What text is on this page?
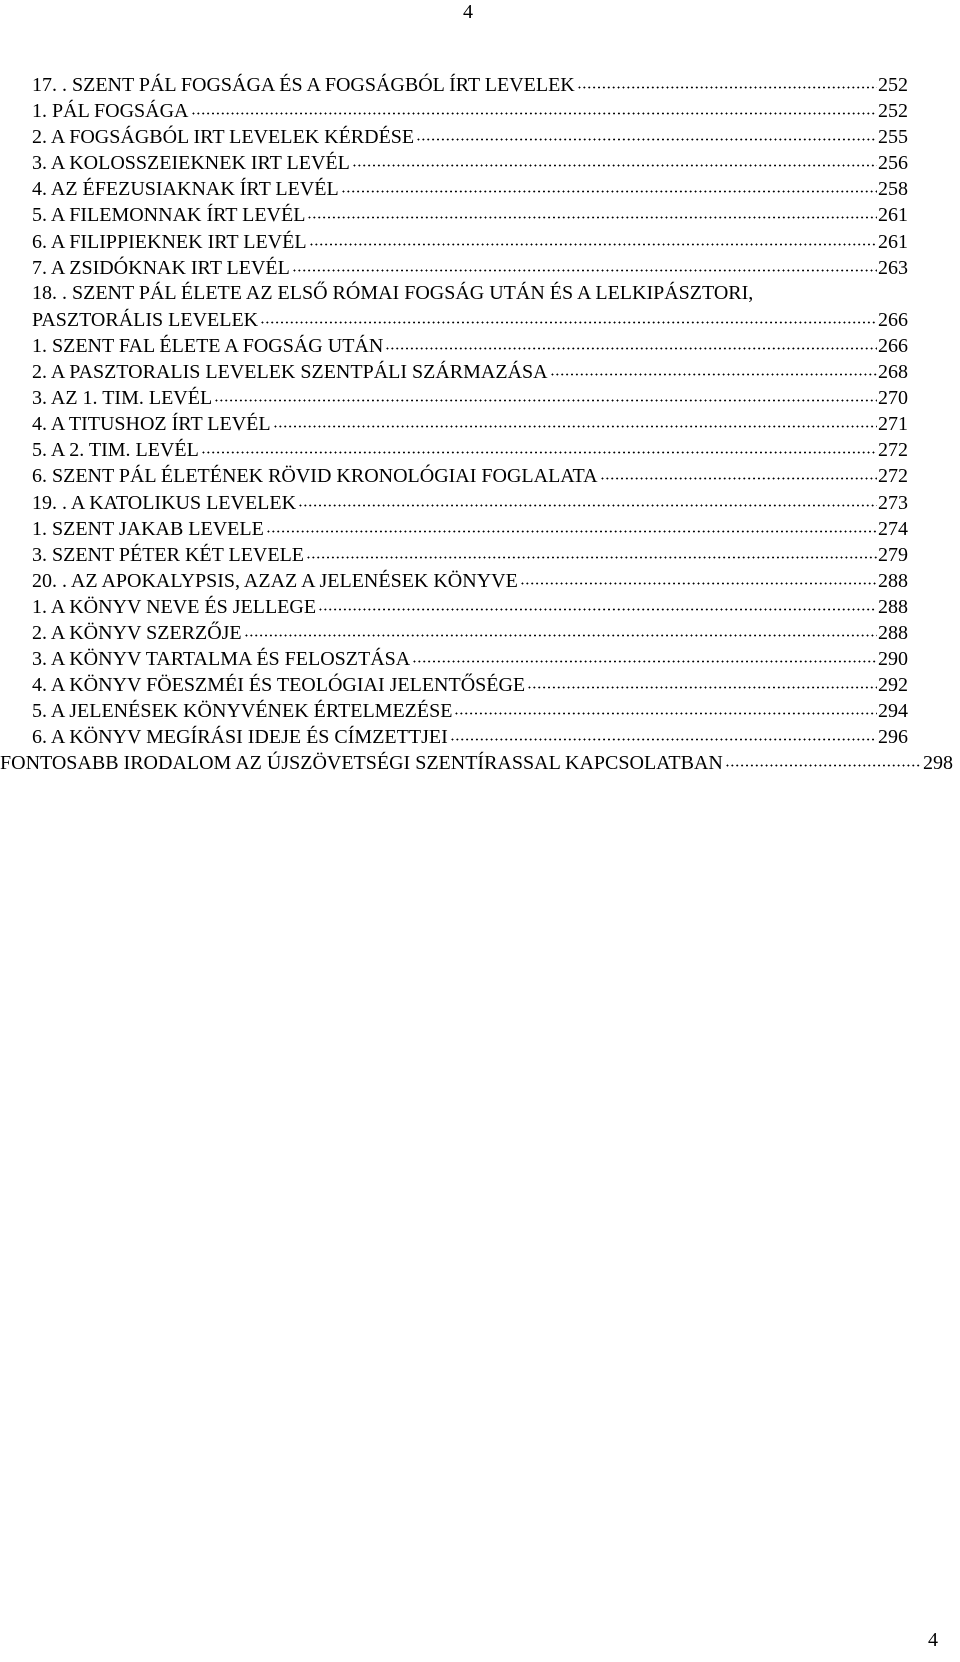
4
17. . SZENT PÁL FOGSÁGA ÉS A FOGSÁGBÓL ÍRT LEVELEK	252
1. PÁL FOGSÁGA	252
2. A FOGSÁGBÓL IRT LEVELEK KÉRDÉSE	255
3. A KOLOSSZEIEKNEK IRT LEVÉL	256
4. AZ ÉFEZUSIAKNAK ÍRT LEVÉL	258
5. A FILEMONNAK ÍRT LEVÉL	261
6. A FILIPPIEKNEK IRT LEVÉL	261
7. A ZSIDÓKNAK IRT LEVÉL	263
18. . SZENT PÁL ÉLETE AZ ELSŐ RÓMAI FOGSÁG UTÁN ÉS A LELKIPÁSZTORI,
PASZTORÁLIS LEVELEK	266
1. SZENT FAL ÉLETE A FOGSÁG UTÁN	266
2. A PASZTORALIS LEVELEK SZENTPÁLI SZÁRMAZÁSA	268
3. AZ 1. TIM. LEVÉL	270
4. A TITUSHOZ ÍRT LEVÉL	271
5. A 2. TIM. LEVÉL	272
6. SZENT PÁL ÉLETÉNEK RÖVID KRONOLÓGIAI FOGLALATA	272
19. . A KATOLIKUS LEVELEK	273
1. SZENT JAKAB LEVELE	274
3. SZENT PÉTER KÉT LEVELE	279
20. . AZ APOKALYPSIS, AZAZ A JELENÉSEK KÖNYVE	288
1. A KÖNYV NEVE ÉS JELLEGE	288
2. A KÖNYV SZERZŐJE	288
3. A KÖNYV TARTALMA ÉS FELOSZTÁSA	290
4. A KÖNYV FÖESZMÉI ÉS TEOLÓGIAI JELENTŐSÉGE	292
5. A JELENÉSEK KÖNYVÉNEK ÉRTELMEZÉSE	294
6. A KÖNYV MEGÍRÁSI IDEJE ÉS CÍMZETTJEI	296
FONTOSABB IRODALOM AZ ÚJSZÖVETSÉGI SZENTÍRASSAL KAPCSOLATBAN	298
4
